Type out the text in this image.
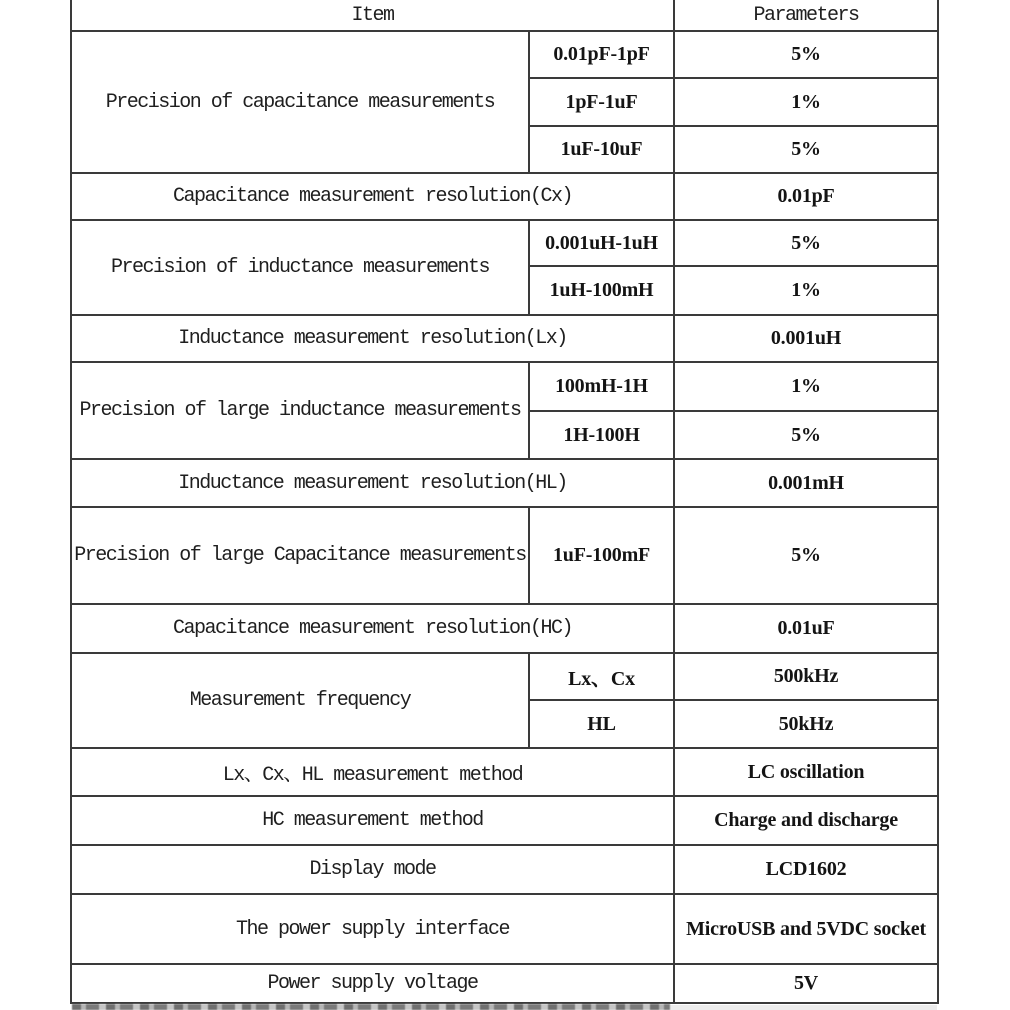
Item		Parameters
Precision of capacitance measurements	0.01pF-1pF	5%
	1pF-1uF	1%
	1uF-10uF	5%
Capacitance measurement resolution(Cx)		0.01pF
Precision of inductance measurements	0.001uH-1uH	5%
	1uH-100mH	1%
Inductance measurement resolution(Lx)		0.001uH
Precision of large inductance measurements	100mH-1H	1%
	1H-100H	5%
Inductance measurement resolution(HL)		0.001mH
Precision of large Capacitance measurements	1uF-100mF	5%
Capacitance measurement resolution(HC)		0.01uF
Measurement frequency	Lx、Cx	500kHz
	HL	50kHz
Lx、Cx、HL measurement method		LC oscillation
HC measurement method		Charge and discharge
Display mode		LCD1602
The power supply interface		MicroUSB and 5VDC socket
Power supply voltage		5V
